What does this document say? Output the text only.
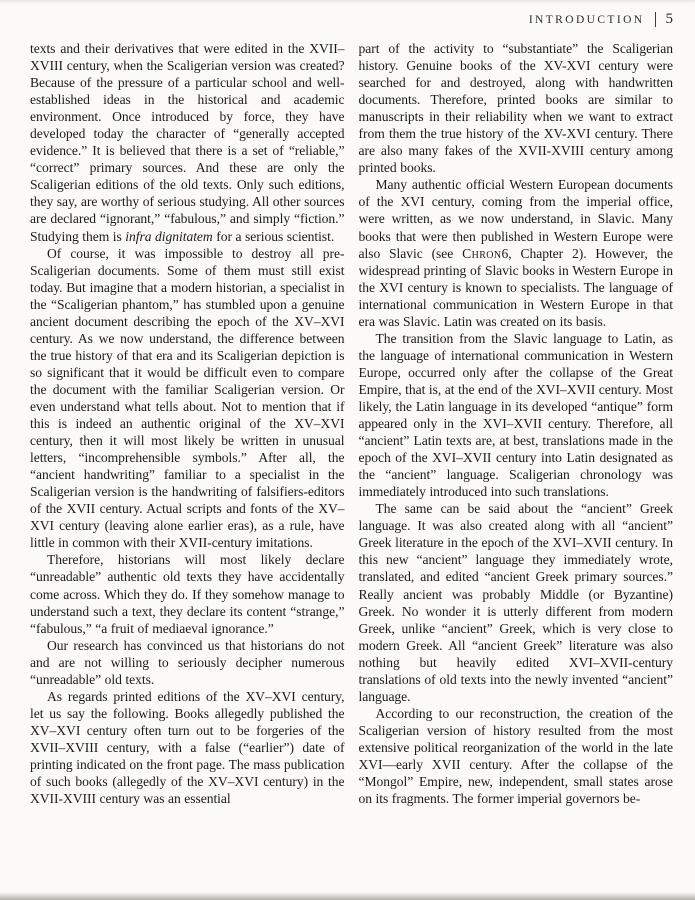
INTRODUCTION 5

texts and their derivatives that were edited in the XVII–XVIII century, when the Scaligerian version was created? Because of the pressure of a particular school and well-established ideas in the historical and academic environment. Once introduced by force, they have developed today the character of “generally accepted evidence.” It is believed that there is a set of “reliable,” “correct” primary sources. And these are only the Scaligerian editions of the old texts. Only such editions, they say, are worthy of serious studying. All other sources are declared “ignorant,” “fabulous,” and simply “fiction.” Studying them is infra dignitatem for a serious scientist.

Of course, it was impossible to destroy all pre-Scaligerian documents. Some of them must still exist today. But imagine that a modern historian, a specialist in the “Scaligerian phantom,” has stumbled upon a genuine ancient document describing the epoch of the XV–XVI century. As we now understand, the difference between the true history of that era and its Scaligerian depiction is so significant that it would be difficult even to compare the document with the familiar Scaligerian version. Or even understand what tells about. Not to mention that if this is indeed an authentic original of the XV–XVI century, then it will most likely be written in unusual letters, “incomprehensible symbols.” After all, the “ancient handwriting” familiar to a specialist in the Scaligerian version is the handwriting of falsifiers-editors of the XVII century. Actual scripts and fonts of the XV–XVI century (leaving alone earlier eras), as a rule, have little in common with their XVII-century imitations.

Therefore, historians will most likely declare “unreadable” authentic old texts they have accidentally come across. Which they do. If they somehow manage to understand such a text, they declare its content “strange,” “fabulous,” “a fruit of mediaeval ignorance.”

Our research has convinced us that historians do not and are not willing to seriously decipher numerous “unreadable” old texts.

As regards printed editions of the XV–XVI century, let us say the following. Books allegedly published the XV–XVI century often turn out to be forgeries of the XVII–XVIII century, with a false (“earlier”) date of printing indicated on the front page. The mass publication of such books (allegedly of the XV–XVI century) in the XVII-XVIII century was an essential

part of the activity to “substantiate” the Scaligerian history. Genuine books of the XV-XVI century were searched for and destroyed, along with handwritten documents. Therefore, printed books are similar to manuscripts in their reliability when we want to extract from them the true history of the XV-XVI century. There are also many fakes of the XVII-XVIII century among printed books.

Many authentic official Western European documents of the XVI century, coming from the imperial office, were written, as we now understand, in Slavic. Many books that were then published in Western Europe were also Slavic (see Chron6, Chapter 2). However, the widespread printing of Slavic books in Western Europe in the XVI century is known to specialists. The language of international communication in Western Europe in that era was Slavic. Latin was created on its basis.

The transition from the Slavic language to Latin, as the language of international communication in Western Europe, occurred only after the collapse of the Great Empire, that is, at the end of the XVI–XVII century. Most likely, the Latin language in its developed “antique” form appeared only in the XVI–XVII century. Therefore, all “ancient” Latin texts are, at best, translations made in the epoch of the XVI–XVII century into Latin designated as the “ancient” language. Scaligerian chronology was immediately introduced into such translations.

The same can be said about the “ancient” Greek language. It was also created along with all “ancient” Greek literature in the epoch of the XVI–XVII century. In this new “ancient” language they immediately wrote, translated, and edited “ancient Greek primary sources.” Really ancient was probably Middle (or Byzantine) Greek. No wonder it is utterly different from modern Greek, unlike “ancient” Greek, which is very close to modern Greek. All “ancient Greek” literature was also nothing but heavily edited XVI–XVII-century translations of old texts into the newly invented “ancient” language.

According to our reconstruction, the creation of the Scaligerian version of history resulted from the most extensive political reorganization of the world in the late XVI—early XVII century. After the collapse of the “Mongol” Empire, new, independent, small states arose on its fragments. The former imperial governors be-
